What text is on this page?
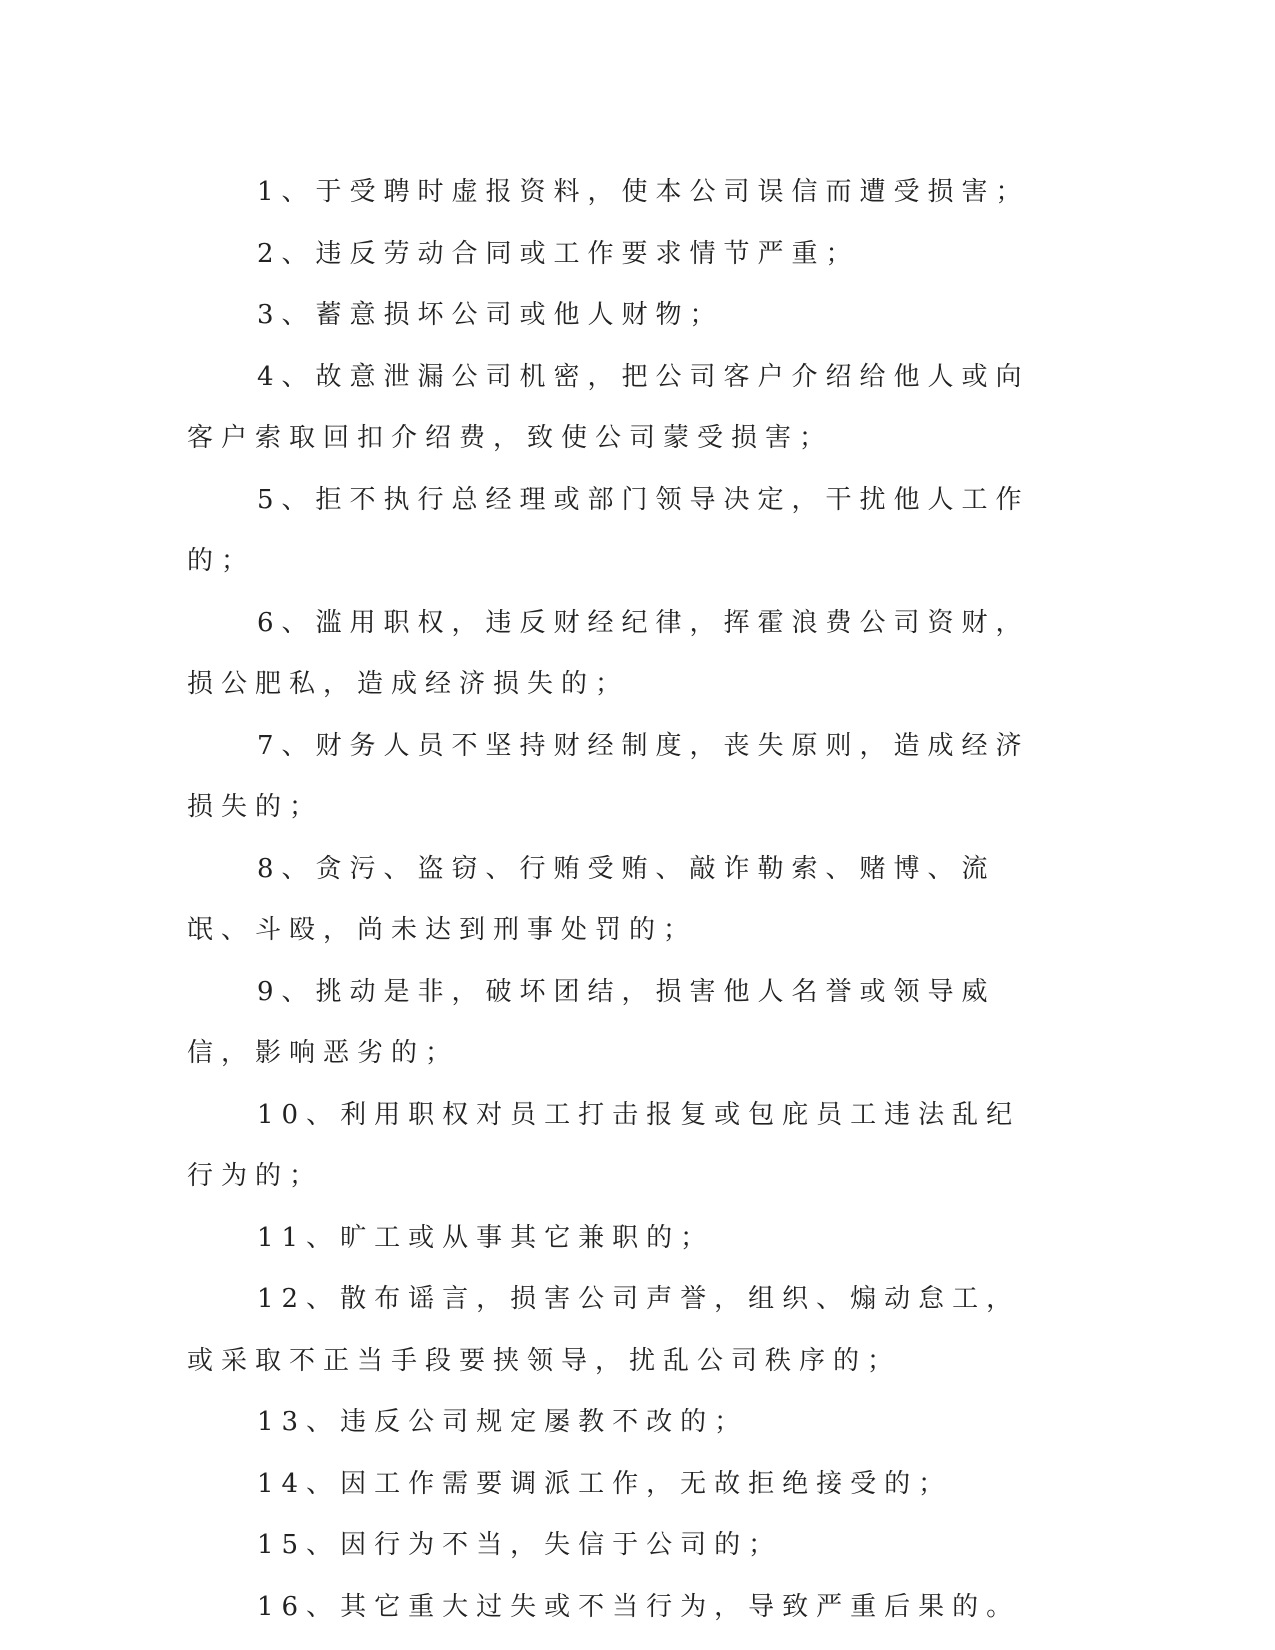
1、于受聘时虚报资料，使本公司误信而遭受损害；

2、违反劳动合同或工作要求情节严重；

3、蓄意损坏公司或他人财物；

4、故意泄漏公司机密，把公司客户介绍给他人或向客户索取回扣介绍费，致使公司蒙受损害；

5、拒不执行总经理或部门领导决定，干扰他人工作的；

6、滥用职权，违反财经纪律，挥霍浪费公司资财，损公肥私，造成经济损失的；

7、财务人员不坚持财经制度，丧失原则，造成经济损失的；

8、贪污、盗窃、行贿受贿、敲诈勒索、赌博、流氓、斗殴，尚未达到刑事处罚的；

9、挑动是非，破坏团结，损害他人名誉或领导威信，影响恶劣的；

10、利用职权对员工打击报复或包庇员工违法乱纪行为的；

11、旷工或从事其它兼职的；

12、散布谣言，损害公司声誉，组织、煽动怠工，或采取不正当手段要挟领导，扰乱公司秩序的；

13、违反公司规定屡教不改的；

14、因工作需要调派工作，无故拒绝接受的；

15、因行为不当，失信于公司的；

16、其它重大过失或不当行为，导致严重后果的。
